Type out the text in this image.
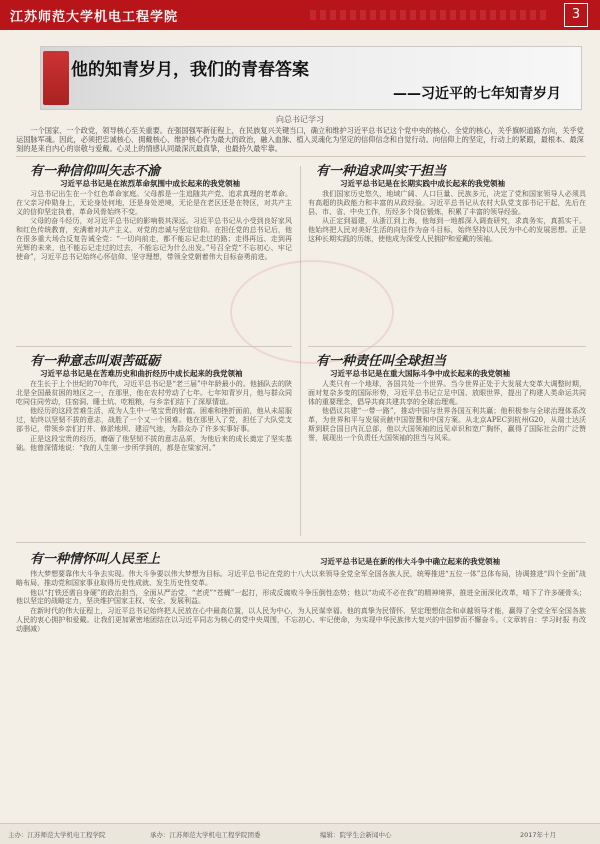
江苏师范大学机电工程学院	3
他的知青岁月，我们的青春答案
——习近平的七年知青岁月
向总书记学习
一个国家、一个政党，领导核心至关重要。在强国强军新征程上，在民族复兴关键当口，确立和维护习近平总书记这个党中央的核心、全党的核心，关乎旗帜道路方向，关乎党运国脉军魂。因此，必须把忠诚核心、拥戴核心、维护核心作为最大的政治，融入血脉、植入灵魂化为坚定的信仰信念和自觉行动。向信仰上的坚定，行动上的紧跟，最根本、最深刻的是来自内心的崇敬与爱戴。心灵上的情感认同最深沉最真挚，也最持久最牢靠。
有一种信仰叫矢志不渝
习近平总书记是在浓烈革命氛围中成长起来的我党领袖

习总书记出生在一个红色革命家庭。父母都是一生追随共产党、追求真理的老革命。在父亲习仲勋身上，无论身处何地，还是身处逆境，无论是在老区还是在特区，对共产主义的信仰坚定执着，革命风骨始终不变。

父母的奋斗经历，对习近平总书记的影响极其深远。习近平总书记从小受到良好家风和红色传统教育，充满着对共产主义、对党的忠诚与坚定信仰。在担任党的总书记后，他在很多重大场合反复告诫全党：“一切向前走，都不能忘记走过的路；走得再远、走到再光辉的未来，也不能忘记走过的过去，不能忘记为什么出发。”号召全党“不忘初心、牢记使命”，习近平总书记始终心怀信仰、坚守理想，带领全党朝着伟大目标奋勇前进。

有一种追求叫实干担当
习近平总书记是在长期实践中成长起来的我党领袖

我们国家历史悠久，地域广阔、人口巨量、民族多元，决定了党和国家领导人必须具有高超的执政能力和丰富的从政经验。习近平总书记从农村大队党支部书记干起，先后在县、市、省、中央工作，历经多个岗位锻炼，积累了丰富的领导经验。

从正定到福建，从浙江到上海，他每到一地都深入调查研究，求真务实，真抓实干。他始终把人民对美好生活的向往作为奋斗目标，始终坚持以人民为中心的发展思想。正是这种长期实践的历练，使他成为深受人民拥护和爱戴的领袖。

有一种意志叫艰苦砥砺
习近平总书记是在苦难历史和曲折经历中成长起来的我党领袖

在生长于上个世纪的70年代，习近平总书记是“老三届”中年龄最小的。他插队去的陕北是全国最贫困的地区之一，在那里，他在农村劳动了七年。七年知青岁月，他与群众同吃同住同劳动，住窑洞、睡土炕、吃粗粮，与乡亲们结下了深厚情谊。

他经历的这段苦难生活，成为人生中一笔宝贵的财富。困难和挫折面前，他从未屈服过，始终以坚韧不拔的意志，战胜了一个又一个困难。他在那里入了党，担任了大队党支部书记，带领乡亲们打井、修淤地坝、建沼气池，为群众办了许多实事好事。

正是这段宝贵的经历，磨砺了他坚韧不拔的意志品质，为他后来的成长奠定了坚实基础。他曾深情地说：“我的人生第一步所学到的，都是在梁家河。”

有一种责任叫全球担当
习近平总书记是在重大国际斗争中成长起来的我党领袖

人类只有一个地球，各国共处一个世界。当今世界正处于大发展大变革大调整时期，面对复杂多变的国际形势，习近平总书记立足中国、放眼世界，提出了构建人类命运共同体的重要理念，倡导共商共建共享的全球治理观。

他倡议共建“一带一路”，推动中国与世界各国互利共赢；他积极参与全球治理体系改革，为世界和平与发展贡献中国智慧和中国方案。从北京APEC到杭州G20，从瑞士达沃斯到联合国日内瓦总部，他以大国领袖的远见卓识和宽广胸怀，赢得了国际社会的广泛赞誉，展现出一个负责任大国领袖的担当与风采。

有一种情怀叫人民至上	习近平总书记是在新的伟大斗争中确立起来的我党领袖

伟大梦想要靠伟大斗争去实现。伟大斗争要以伟大梦想为目标。习近平总书记在党的十八大以来领导全党全军全国各族人民，统筹推进“五位一体”总体布局，协调推进“四个全面”战略布局，推动党和国家事业取得历史性成就、发生历史性变革。

他以“打铁还需自身硬”的政治担当，全面从严治党，“老虎”“苍蝇”一起打，形成反腐败斗争压倒性态势；他以“功成不必在我”的精神境界，推进全面深化改革，啃下了许多硬骨头；他以坚定的战略定力，坚决维护国家主权、安全、发展利益。

在新时代的伟大征程上，习近平总书记始终把人民放在心中最高位置，以人民为中心，为人民谋幸福。他的真挚为民情怀、坚定理想信念和卓越领导才能，赢得了全党全军全国各族人民的衷心拥护和爱戴。让我们更加紧密地团结在以习近平同志为核心的党中央周围，不忘初心、牢记使命，为实现中华民族伟大复兴的中国梦而不懈奋斗。（文章转自：学习时报 有改动删减）

主办：江苏师范大学机电工程学院	承办：江苏师范大学机电工程学院团委	编辑：院学生会新闻中心	2017年十月
